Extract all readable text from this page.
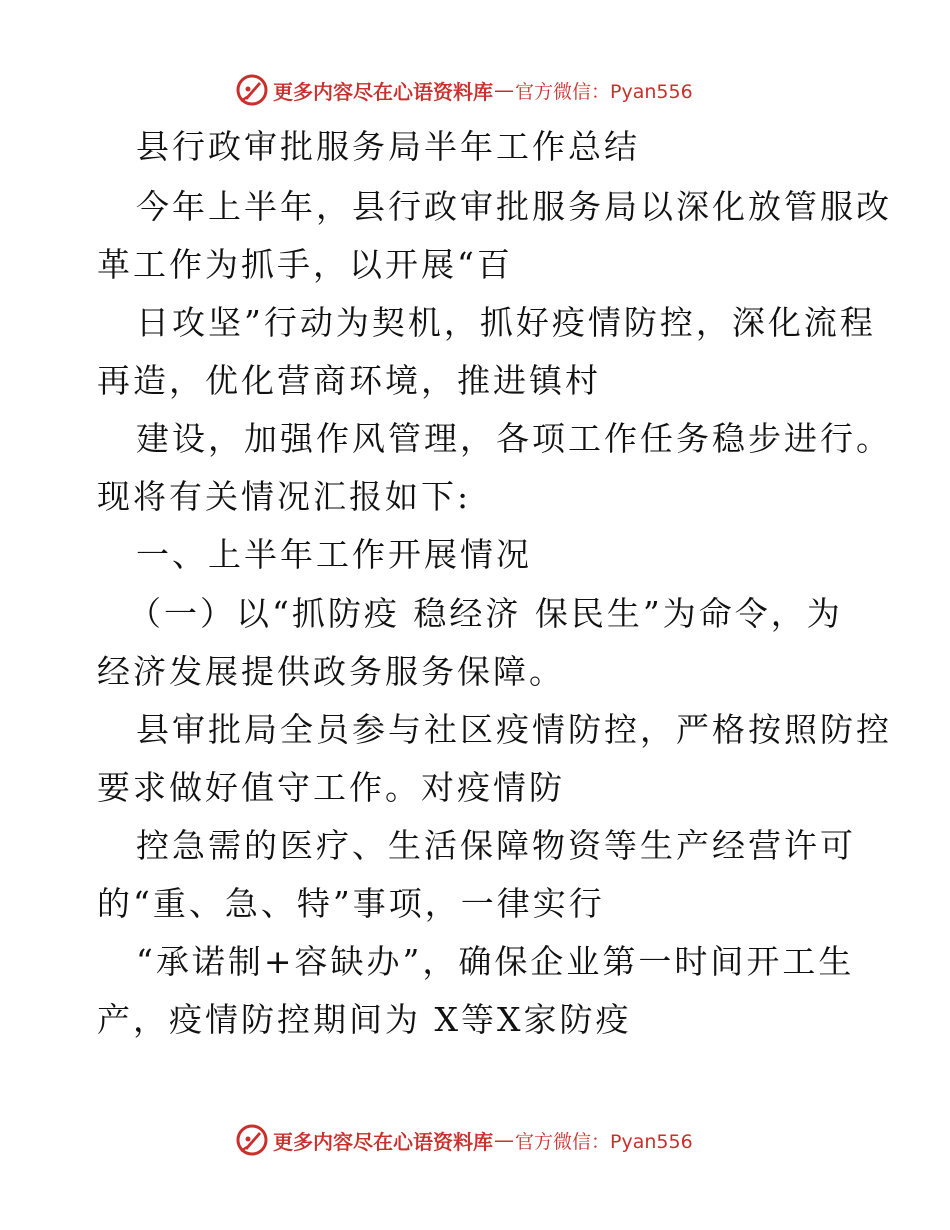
更多内容尽在心语资料库 — 官方微信：Pyan556
县行政审批服务局半年工作总结
今年上半年，县行政审批服务局以深化放管服改
革工作为抓手，以开展“百
日攻坚”行动为契机，抓好疫情防控，深化流程
再造，优化营商环境，推进镇村
建设，加强作风管理，各项工作任务稳步进行。
现将有关情况汇报如下:
一、上半年工作开展情况
（一）以“抓防疫 稳经济 保民生”为命令，为
经济发展提供政务服务保障。
县审批局全员参与社区疫情防控，严格按照防控
要求做好值守工作。对疫情防
控急需的医疗、生活保障物资等生产经营许可
的“重、急、特”事项，一律实行
“承诺制+容缺办”，确保企业第一时间开工生
产，疫情防控期间为 X等X家防疫
更多内容尽在心语资料库 — 官方微信：Pyan556
